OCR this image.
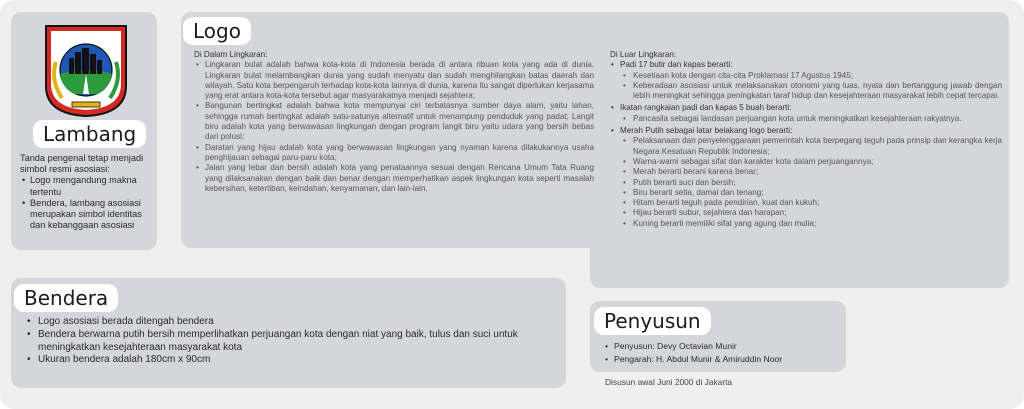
Lambang
Tanda pengenal tetap menjadi simbol resmi asosiasi:
• Logo mengandung makna tertentu
• Bendera, lambang asosiasi merupakan simbol identitas dan kebanggaan asosiasi
Logo
Di Dalam Lingkaran:
• Lingkaran bulat adalah bahwa kota-kota di Indonesia berada di antara ribuan kota yang ada di dunia. Lingkaran bulat melambangkan dunia yang sudah menyatu dan sudah menghilangkan batas daerah dan wilayah. Satu kota berpengaruh terhadap kota-kota lainnya di dunia, karena itu sangat diperlukan kerjasama yang erat antara kota-kota tersebut agar masyarakatnya menjadi sejahtera;
• Bangunan bertingkat adalah bahwa kota mempunyai ciri terbatasnya sumber daya alam, yaitu lahan, sehingga rumah bertingkat adalah satu-satunya alternatif untuk menampung penduduk yang padat; Langit biru adalah kota yang berwawasan lingkungan dengan program langit biru yaitu udara yang bersih bebas dari polusi;
• Daratan yang hijau adalah kota yang berwawasan lingkungan yang nyaman karena dilakukannya usaha penghijauan sebagai paru-paru kota;
• Jalan yang lebar dan bersih adalah kota yang penataannya sesuai dengan Rencana Umum Tata Ruang yang dilaksanakan dengan baik dan benar dengan memperhatikan aspek lingkungan kota seperti masalah kebersihan, ketertiban, keindahan, kenyamanan, dan lain-lain.
Di Luar Lingkaran:
• Padi 17 butir dan kapas berarti:
• Kesetiaan kota dengan cita-cita Proklamasi 17 Agustus 1945;
• Keberadaan asosiasi untuk melaksanakan otonomi yang luas, nyata dan bertanggung jawab dengan lebih meningkat sehingga peningkatan taraf hidup dan kesejahteraan masyarakat lebih cepat tercapai.
• Ikatan rangkaian padi dan kapas 5 buah berarti:
• Pancasila sebagai landasan perjuangan kota untuk meningkatkan kesejahteraan rakyatnya.
• Merah Putih sebagai latar belakang logo berarti:
• Pelaksanaan dan penyelenggaraan pemerintah kota berpegang teguh pada prinsip dan kerangka kerja Negara Kesatuan Republik Indonesia;
• Warna-warni sebagai sifat dan karakter kota dalam perjuangannya;
• Merah berarti berani karena benar;
• Putih berarti suci dan bersih;
• Biru berarti setia, damai dan tenang;
• Hitam berarti teguh pada pendirian, kuat dan kukuh;
• Hijau berarti subur, sejahtera dan harapan;
• Kuning berarti memiliki sifat yang agung dan mulia;
Bendera
• Logo asosiasi berada ditengah bendera
• Bendera berwarna putih bersih memperlihatkan perjuangan kota dengan niat yang baik, tulus dan suci untuk meningkatkan kesejahteraan masyarakat kota
• Ukuran bendera adalah 180cm x 90cm
Penyusun
• Penyusun: Devy Octavian Munir
• Pengarah: H. Abdul Munir & Amiruddin Noor
Disusun awal Juni 2000 di Jakarta
